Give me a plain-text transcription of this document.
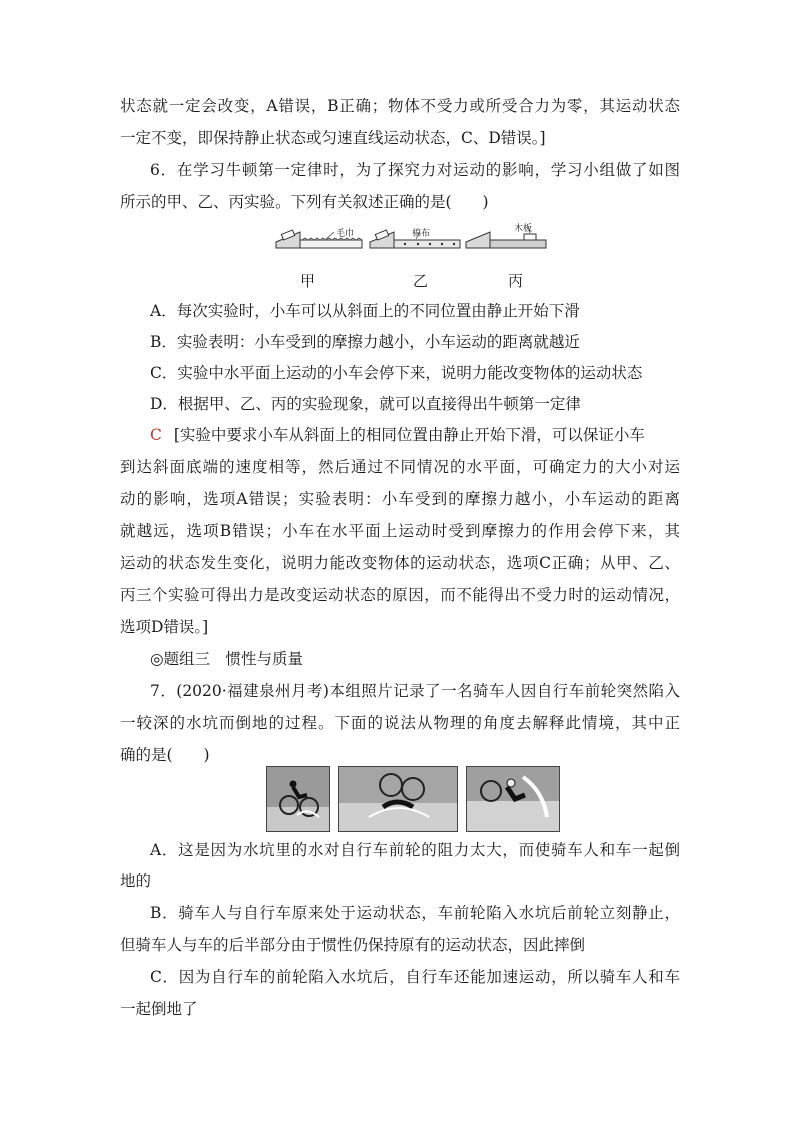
状态就一定会改变，A错误，B正确；物体不受力或所受合力为零，其运动状态
一定不变，即保持静止状态或匀速直线运动状态，C、D错误。]
6．在学习牛顿第一定律时，为了探究力对运动的影响，学习小组做了如图
所示的甲、乙、丙实验。下列有关叙述正确的是(　　)
毛巾	棉布	木板
甲	乙	丙
A．每次实验时，小车可以从斜面上的不同位置由静止开始下滑
B．实验表明：小车受到的摩擦力越小，小车运动的距离就越近
C．实验中水平面上运动的小车会停下来，说明力能改变物体的运动状态
D．根据甲、乙、丙的实验现象，就可以直接得出牛顿第一定律
C [实验中要求小车从斜面上的相同位置由静止开始下滑，可以保证小车
到达斜面底端的速度相等，然后通过不同情况的水平面，可确定力的大小对运
动的影响，选项A错误；实验表明：小车受到的摩擦力越小，小车运动的距离
就越远，选项B错误；小车在水平面上运动时受到摩擦力的作用会停下来，其
运动的状态发生变化，说明力能改变物体的运动状态，选项C正确；从甲、乙、
丙三个实验可得出力是改变运动状态的原因，而不能得出不受力时的运动情况，
选项D错误。]
◎题组三　惯性与质量
7．(2020·福建泉州月考)本组照片记录了一名骑车人因自行车前轮突然陷入
一较深的水坑而倒地的过程。下面的说法从物理的角度去解释此情境，其中正
确的是(　　)
A．这是因为水坑里的水对自行车前轮的阻力太大，而使骑车人和车一起倒
地的
B．骑车人与自行车原来处于运动状态，车前轮陷入水坑后前轮立刻静止，
但骑车人与车的后半部分由于惯性仍保持原有的运动状态，因此摔倒
C．因为自行车的前轮陷入水坑后，自行车还能加速运动，所以骑车人和车
一起倒地了
